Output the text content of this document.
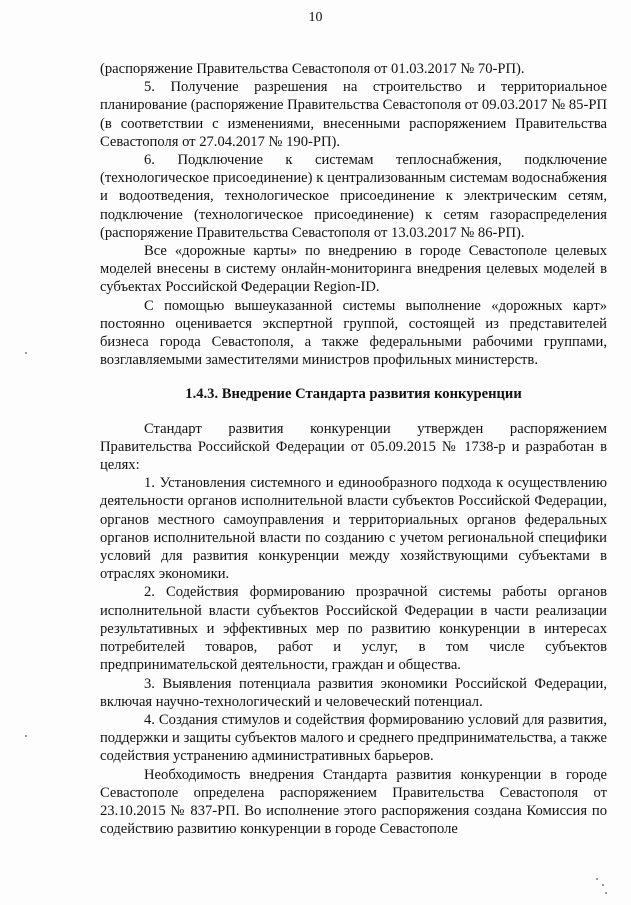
10

(распоряжение Правительства Севастополя от 01.03.2017 № 70-РП).

5. Получение разрешения на строительство и территориальное планирование (распоряжение Правительства Севастополя от 09.03.2017 № 85-РП (в соответствии с изменениями, внесенными распоряжением Правительства Севастополя от 27.04.2017 № 190-РП).

6. Подключение к системам теплоснабжения, подключение (технологическое присоединение) к централизованным системам водоснабжения и водоотведения, технологическое присоединение к электрическим сетям, подключение (технологическое присоединение) к сетям газораспределения (распоряжение Правительства Севастополя от 13.03.2017 № 86-РП).

Все «дорожные карты» по внедрению в городе Севастополе целевых моделей внесены в систему онлайн-мониторинга внедрения целевых моделей в субъектах Российской Федерации Region-ID.

С помощью вышеуказанной системы выполнение «дорожных карт» постоянно оценивается экспертной группой, состоящей из представителей бизнеса города Севастополя, а также федеральными рабочими группами, возглавляемыми заместителями министров профильных министерств.

1.4.3. Внедрение Стандарта развития конкуренции

Стандарт развития конкуренции утвержден распоряжением Правительства Российской Федерации от 05.09.2015 № 1738-р и разработан в целях:

1. Установления системного и единообразного подхода к осуществлению деятельности органов исполнительной власти субъектов Российской Федерации, органов местного самоуправления и территориальных органов федеральных органов исполнительной власти по созданию с учетом региональной специфики условий для развития конкуренции между хозяйствующими субъектами в отраслях экономики.

2. Содействия формированию прозрачной системы работы органов исполнительной власти субъектов Российской Федерации в части реализации результативных и эффективных мер по развитию конкуренции в интересах потребителей товаров, работ и услуг, в том числе субъектов предпринимательской деятельности, граждан и общества.

3. Выявления потенциала развития экономики Российской Федерации, включая научно-технологический и человеческий потенциал.

4. Создания стимулов и содействия формированию условий для развития, поддержки и защиты субъектов малого и среднего предпринимательства, а также содействия устранению административных барьеров.

Необходимость внедрения Стандарта развития конкуренции в городе Севастополе определена распоряжением Правительства Севастополя от 23.10.2015 № 837-РП. Во исполнение этого распоряжения создана Комиссия по содействию развитию конкуренции в городе Севастополе
